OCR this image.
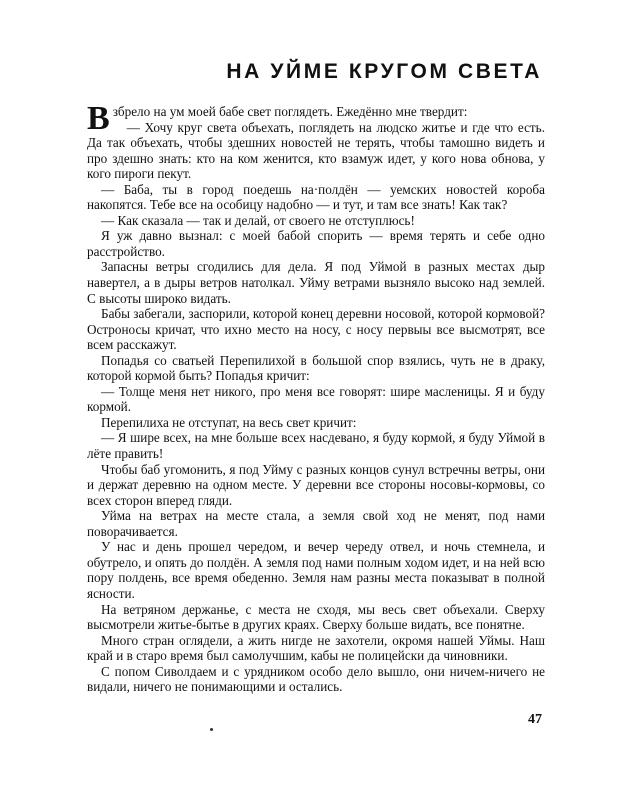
НА УЙМЕ КРУГОМ СВЕТА

Взбрело на ум моей бабе свет поглядеть. Ежедённо мне твердит:

— Хочу круг света объехать, поглядеть на людско житье и где что есть. Да так объехать, чтобы здешних новостей не терять, чтобы тамошно видеть и про здешно знать: кто на ком женится, кто взамуж идет, у кого нова обнова, у кого пироги пекут.

— Баба, ты в город поедешь на·полдён — уемских новостей короба накопятся. Тебе все на особицу надобно — и тут, и там все знать! Как так?

— Как сказала — так и делай, от своего не отступлюсь!

Я уж давно вызнал: с моей бабой спорить — время терять и себе одно расстройство.

Запасны ветры сгодились для дела. Я под Уймой в разных местах дыр навертел, а в дыры ветров натолкал. Уйму ветрами вызняло высоко над землей. С высоты широко видать.

Бабы забегали, заспорили, которой конец деревни носовой, которой кормовой? Остроносы кричат, что ихно место на носу, с носу первыы все высмотрят, все всем расскажут.

Попадья со сватьей Перепилихой в большой спор взялись, чуть не в драку, которой кормой быть? Попадья кричит:

— Толще меня нет никого, про меня все говорят: шире масленицы. Я и буду кормой.

Перепилиха не отступат, на весь свет кричит:

— Я шире всех, на мне больше всех насдевано, я буду кормой, я буду Уймой в лёте править!

Чтобы баб угомонить, я под Уйму с разных концов сунул встречны ветры, они и держат деревню на одном месте. У деревни все стороны носовы-кормовы, со всех сторон вперед гляди.

Уйма на ветрах на месте стала, а земля свой ход не менят, под нами поворачивается.

У нас и день прошел чередом, и вечер череду отвел, и ночь стемнела, и обутрело, и опять до полдён. А земля под нами полным ходом идет, и на ней всю пору полдень, все время обеденно. Земля нам разны места показыват в полной ясности.

На ветряном держанье, с места не сходя, мы весь свет объехали. Сверху высмотрели житье-бытье в других краях. Сверху больше видать, все понятне.

Много стран оглядели, а жить нигде не захотели, окромя нашей Уймы. Наш край и в старо время был самолучшим, кабы не полицейски да чиновники.

С попом Сиволдаем и с урядником особо дело вышло, они ничем-ничего не видали, ничего не понимающими и остались.

47
